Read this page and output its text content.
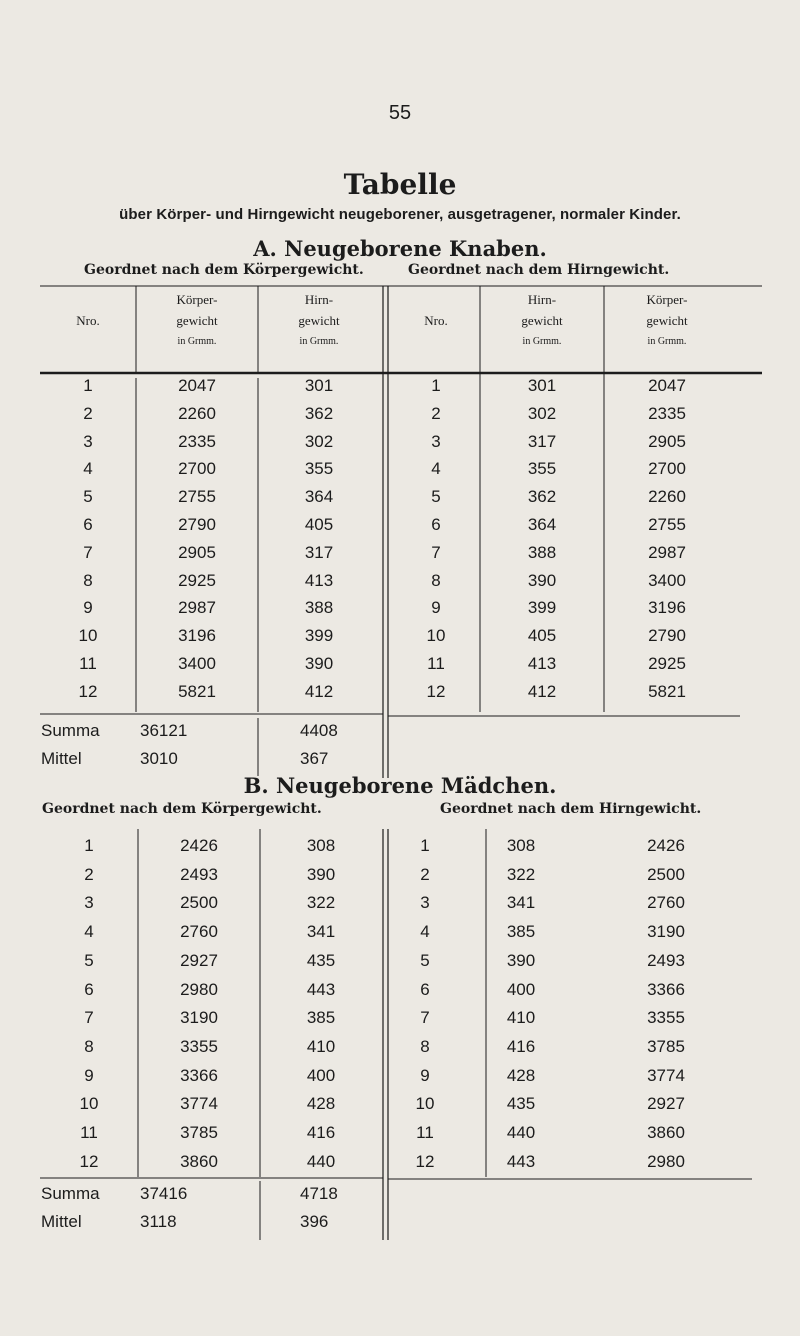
55
Tabelle
über Körper- und Hirngewicht neugeborener, ausgetragener, normaler Kinder.
A. Neugeborene Knaben.
Geordnet nach dem Körpergewicht.	Geordnet nach dem Hirngewicht.
Nro.
Körper-
gewicht
in Grmm.
Hirn-
gewicht
in Grmm.
Nro.
Hirn-
gewicht
in Grmm.
Körper-
gewicht
in Grmm.
1	2047	301
2	2260	362
3	2335	302
4	2700	355
5	2755	364
6	2790	405
7	2905	317
8	2925	413
9	2987	388
10	3196	399
11	3400	390
12	5821	412
1	301	2047
2	302	2335
3	317	2905
4	355	2700
5	362	2260
6	364	2755
7	388	2987
8	390	3400
9	399	3196
10	405	2790
11	413	2925
12	412	5821
Summa 36121	4408
Mittel	3010	367
B. Neugeborene Mädchen.
Geordnet nach dem Körpergewicht.	Geordnet nach dem Hirngewicht.
1	2426	308
2	2493	390
3	2500	322
4	2760	341
5	2927	435
6	2980	443
7	3190	385
8	3355	410
9	3366	400
10	3774	428
11	3785	416
12	3860	440
1	308	2426
2	322	2500
3	341	2760
4	385	3190
5	390	2493
6	400	3366
7	410	3355
8	416	3785
9	428	3774
10	435	2927
11	440	3860
12	443	2980
Summa 37416	4718
Mittel	3118	396
